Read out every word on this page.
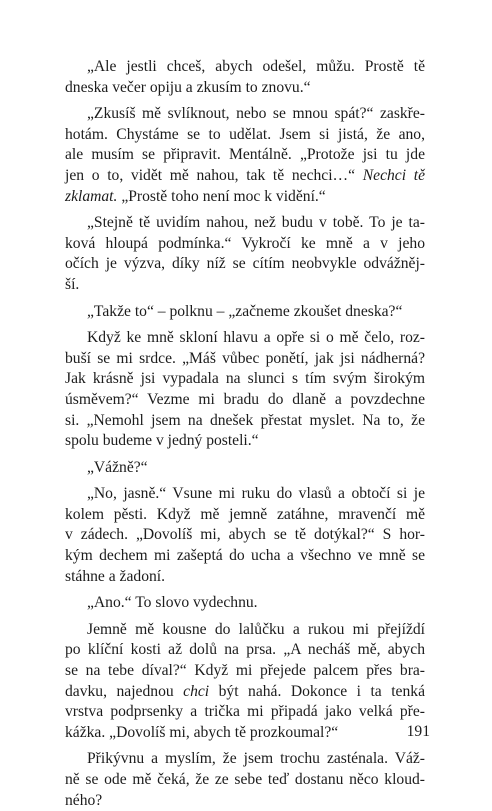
„Ale jestli chceš, abych odešel, můžu. Prostě tě
dneska večer opiju a zkusím to znovu.“
„Zkusíš mě svlíknout, nebo se mnou spát?“ zaskře-
hotám. Chystáme se to udělat. Jsem si jistá, že ano,
ale musím se připravit. Mentálně. „Protože jsi tu jde
jen o to, vidět mě nahou, tak tě nechci…“ Nechci tě
zklamat. „Prostě toho není moc k vidění.“
„Stejně tě uvidím nahou, než budu v tobě. To je ta-
ková hloupá podmínka.“ Vykročí ke mně a v jeho
očích je výzva, díky níž se cítím neobvykle odvážněj-
ší.
„Takže to“ – polknu – „začneme zkoušet dneska?“
Když ke mně skloní hlavu a opře si o mě čelo, roz-
buší se mi srdce. „Máš vůbec ponětí, jak jsi nádherná?
Jak krásně jsi vypadala na slunci s tím svým širokým
úsměvem?“ Vezme mi bradu do dlaně a povzdechne
si. „Nemohl jsem na dnešek přestat myslet. Na to, že
spolu budeme v jedný posteli.“
„Vážně?“
„No, jasně.“ Vsune mi ruku do vlasů a obtočí si je
kolem pěsti. Když mě jemně zatáhne, mravenčí mě
v zádech. „Dovolíš mi, abych se tě dotýkal?“ S hor-
kým dechem mi zašeptá do ucha a všechno ve mně se
stáhne a žadoní.
„Ano.“ To slovo vydechnu.
Jemně mě kousne do lalůčku a rukou mi přejíždí
po klíční kosti až dolů na prsa. „A necháš mě, abych
se na tebe díval?“ Když mi přejede palcem přes bra-
davku, najednou chci být nahá. Dokonce i ta tenká
vrstva podprsenky a trička mi připadá jako velká pře-
kážka. „Dovolíš mi, abych tě prozkoumal?“
Přikývnu a myslím, že jsem trochu zasténala. Váž-
ně se ode mě čeká, že ze sebe teď dostanu něco kloud-
ného?
191
